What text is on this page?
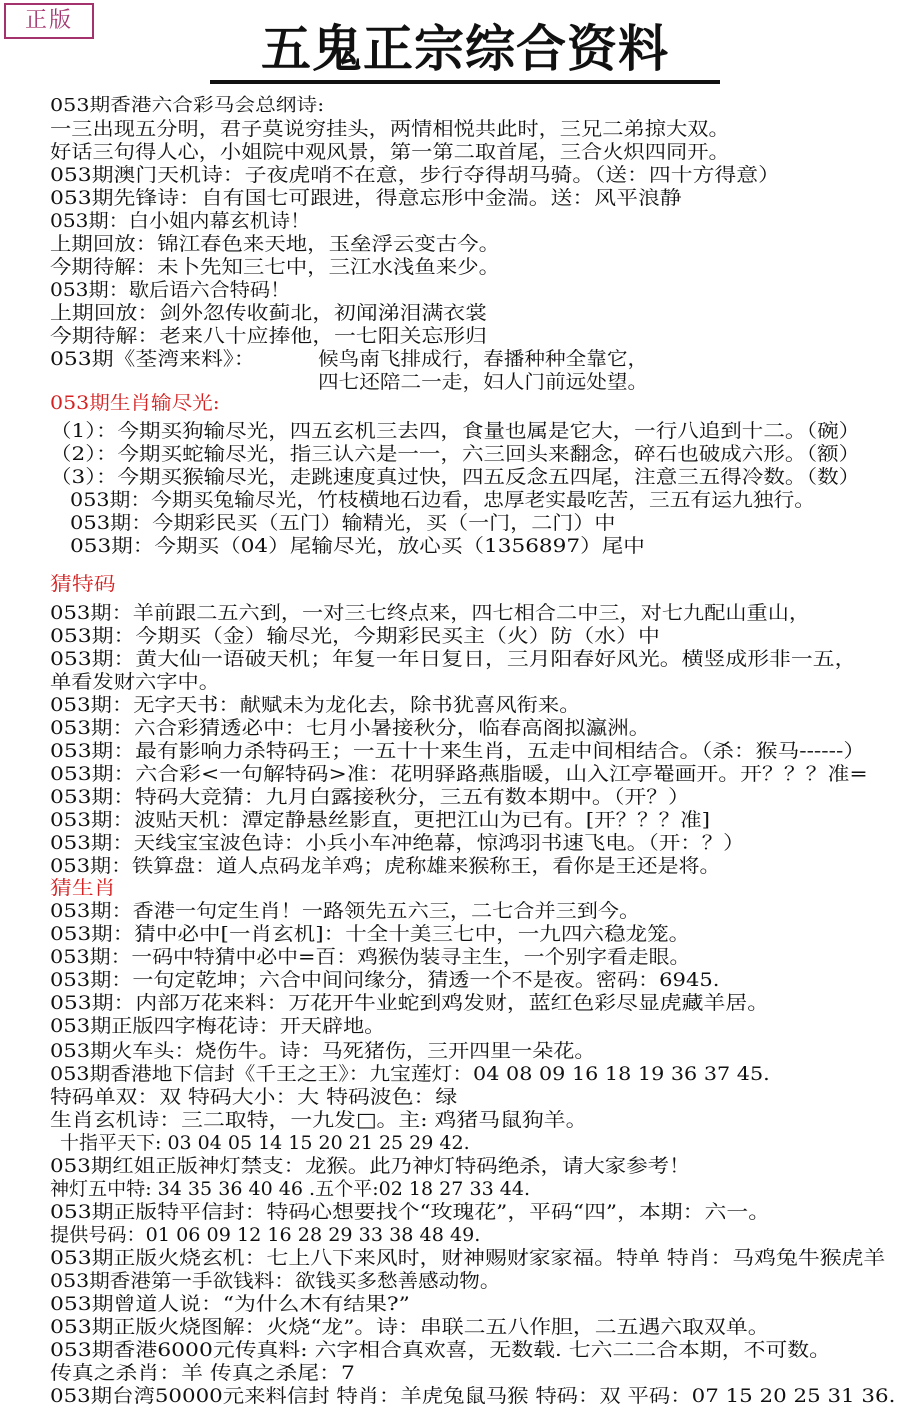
正版	五鬼正宗综合资料
053期香港六合彩马会总纲诗:
一三出现五分明，君子莫说穷挂头，两情相悦共此时，三兄二弟掠大双。
好话三句得人心，小姐院中观风景，第一第二取首尾，三合火炽四同开。
053期澳门天机诗：子夜虎哨不在意，步行夺得胡马骑。（送：四十方得意）
053期先锋诗：自有国七可跟进，得意忘形中金湍。送：风平浪静
053期：白小姐内幕玄机诗！
上期回放：锦江春色来天地，玉垒浮云变古今。
今期待解：未卜先知三七中，三江水浅鱼来少。
053期：歇后语六合特码！
上期回放：剑外忽传收蓟北，初闻涕泪满衣裳
今期待解：老来八十应捧他，一七阳关忘形归
053期《荃湾来料》：	候鸟南飞排成行，春播种种全靠它，
四七还陪二一走，妇人门前远处望。
053期生肖输尽光:
（1）：今期买狗输尽光，四五玄机三去四，食量也属是它大，一行八追到十二。（碗）
（2）：今期买蛇输尽光，指三认六是一一，六三回头来翻念，碎石也破成六形。（额）
（3）：今期买猴输尽光，走跳速度真过快，四五反念五四尾，注意三五得冷数。（数）
053期：今期买兔输尽光，竹枝横地石边看，忠厚老实最吃苦，三五有运九独行。
053期：今期彩民买（五门）输精光，买（一门，二门）中
053期：今期买（04）尾输尽光，放心买（1356897）尾中
猜特码
053期：羊前跟二五六到，一对三七终点来，四七相合二中三，对七九配山重山，
053期：今期买（金）输尽光，今期彩民买主（火）防（水）中
053期：黄大仙一语破天机；年复一年日复日，三月阳春好风光。横竖成形非一五，
单看发财六字中。
053期：无字天书：献赋未为龙化去，除书犹喜风衔来。
053期：六合彩猜透必中：七月小暑接秋分，临春高阁拟瀛洲。
053期：最有影响力杀特码王；一五十十来生肖，五走中间相结合。（杀：猴马------）
053期：六合彩<一句解特码>准：花明驿路燕脂暖，山入江亭罨画开。开？？？准=
053期：特码大竞猜：九月白露接秋分，三五有数本期中。（开？）
053期：波贴天机：潭定静悬丝影直，更把江山为已有。[开？？？准]
053期：天线宝宝波色诗：小兵小车冲绝幕，惊鸿羽书速飞电。（开：？）
053期：铁算盘：道人点码龙羊鸡；虎称雄来猴称王，看你是王还是将。
猜生肖
053期：香港一句定生肖！一路领先五六三，二七合并三到今。
053期：猜中必中[一肖玄机]：十全十美三七中，一九四六稳龙笼。
053期：一码中特猜中必中=百：鸡猴伪装寻主生，一个别字看走眼。
053期：一句定乾坤；六合中间问缘分，猜透一个不是夜。密码：6945.
053期：内部万花来料：万花开牛业蛇到鸡发财，蓝红色彩尽显虎藏羊居。
053期正版四字梅花诗：开天辟地。
053期火车头：烧伤牛。诗：马死猪伤，三开四里一朵花。
053期香港地下信封《千王之王》：九宝莲灯：04 08 09 16 18 19 36 37 45.
特码单双：双 特码大小：大 特码波色：绿
生肖玄机诗：三二取特，一九发□。主: 鸡猪马鼠狗羊。
十指平天下: 03 04 05 14 15 20 21 25 29 42.
053期红姐正版神灯禁支：龙猴。此乃神灯特码绝杀，请大家参考！
神灯五中特: 34 35 36 40 46 .五个平:02 18 27 33 44.
053期正版特平信封：特码心想要找个“玫瑰花”，平码“四”，本期：六一。
提供号码：01 06 09 12 16 28 29 33 38 48 49.
053期正版火烧玄机：七上八下来风时，财神赐财家家福。特单 特肖：马鸡兔牛猴虎羊
053期香港第一手欲钱料：欲钱买多愁善感动物。
053期曾道人说：“为什么木有结果?”
053期正版火烧图解：火烧“龙”。诗：串联二五八作胆，二五遇六取双单。
053期香港6000元传真料: 六字相合真欢喜，无数载. 七六二二合本期，不可数。
传真之杀肖：羊 传真之杀尾：7
053期台湾50000元来料信封 特肖：羊虎兔鼠马猴 特码：双 平码：07 15 20 25 31 36.
